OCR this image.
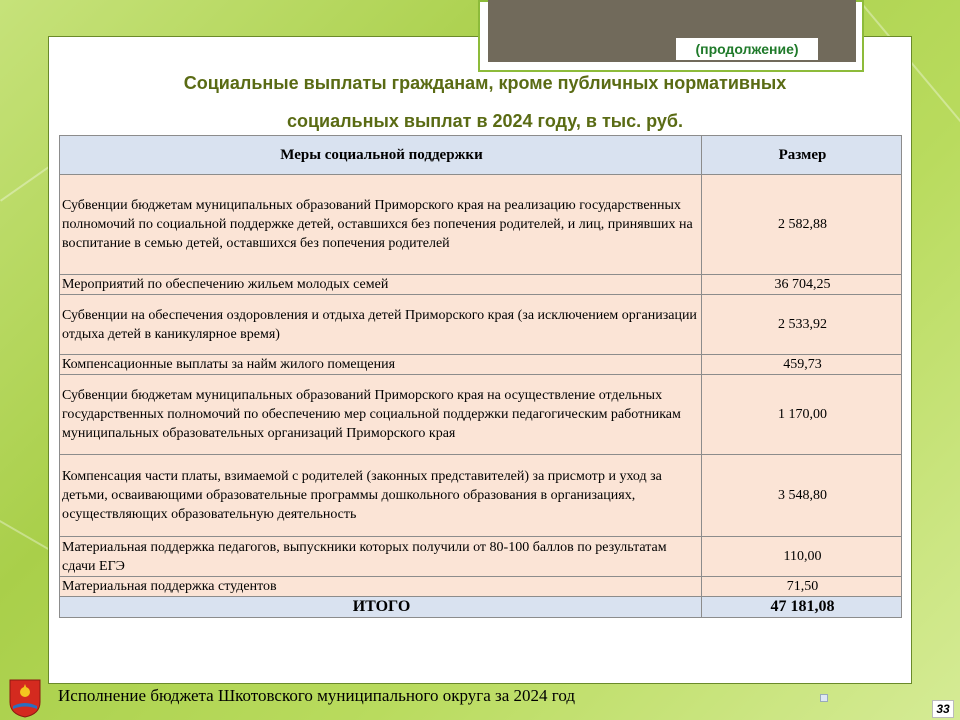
(продолжение)
Социальные выплаты гражданам, кроме публичных нормативных
социальных выплат в 2024 году, в тыс. руб.
Меры социальной поддержки	Размер
Субвенции бюджетам муниципальных образований Приморского края на реализацию государственных полномочий по социальной поддержке детей, оставшихся без попечения родителей, и лиц, принявших на воспитание в семью детей, оставшихся без попечения родителей	2 582,88
Мероприятий по обеспечению жильем молодых семей	36 704,25
Субвенции на обеспечения оздоровления и отдыха детей Приморского края (за исключением организации отдыха детей в каникулярное время)	2 533,92
Компенсационные выплаты за найм жилого помещения	459,73
Субвенции бюджетам муниципальных образований Приморского края на осуществление отдельных государственных полномочий по обеспечению мер социальной поддержки педагогическим работникам муниципальных образовательных организаций Приморского края	1 170,00
Компенсация части платы, взимаемой с родителей (законных представителей) за присмотр и уход за детьми, осваивающими образовательные программы дошкольного образования в организациях, осуществляющих образовательную деятельность	3 548,80
Материальная поддержка педагогов, выпускники которых получили от 80-100 баллов по результатам сдачи ЕГЭ	110,00
Материальная поддержка студентов	71,50
ИТОГО	47 181,08
Исполнение бюджета Шкотовского муниципального округа за 2024 год
33
